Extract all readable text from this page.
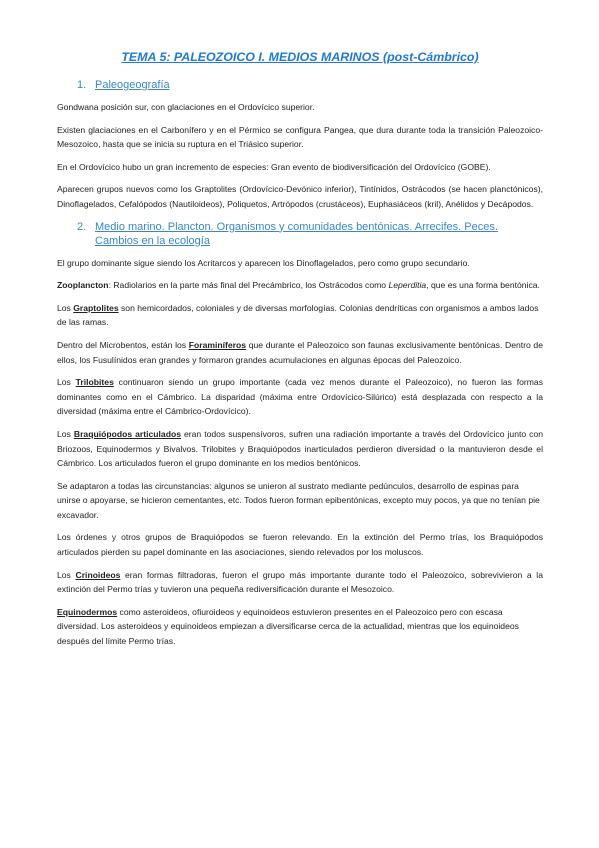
TEMA 5: PALEOZOICO I. MEDIOS MARINOS (post-Cámbrico)
1. Paleogeografía

Gondwana posición sur, con glaciaciones en el Ordovícico superior.

Existen glaciaciones en el Carbonífero y en el Pérmico se configura Pangea, que dura durante toda la transición Paleozoico-Mesozoico, hasta que se inicia su ruptura en el Triásico superior.

En el Ordovícico hubo un gran incremento de especies: Gran evento de biodiversificación del Ordovícico (GOBE).

Aparecen grupos nuevos como los Graptolites (Ordovícico-Devónico inferior), Tintínidos, Ostrácodos (se hacen planctónicos), Dinoflagelados, Cefalópodos (Nautiloideos), Poliquetos, Artrópodos (crustáceos), Euphasiáceos (kril), Anélidos y Decápodos.

2. Medio marino. Plancton. Organismos y comunidades bentónicas. Arrecifes. Peces. Cambios en la ecología

El grupo dominante sigue siendo los Acritarcos y aparecen los Dinoflagelados, pero como grupo secundario.

Zooplancton: Radiolarios en la parte más final del Precámbrico, los Ostrácodos como Leperditia, que es una forma bentónica.

Los Graptolites son hemicordados, coloniales y de diversas morfologías. Colonias dendríticas con organismos a ambos lados de las ramas.

Dentro del Microbentos, están los Foraminíferos que durante el Paleozoico son faunas exclusivamente bentónicas. Dentro de ellos, los Fusulínidos eran grandes y formaron grandes acumulaciones en algunas épocas del Paleozoico.

Los Trilobites continuaron siendo un grupo importante (cada vez menos durante el Paleozoico), no fueron las formas dominantes como en el Cámbrico. La disparidad (máxima entre Ordovícico-Silúrico) está desplazada con respecto a la diversidad (máxima entre el Cámbrico-Ordovícico).

Los Braquiópodos articulados eran todos suspensívoros, sufren una radiación importante a través del Ordovícico junto con Briozoos, Equinodermos y Bivalvos. Trilobites y Braquiópodos inarticulados perdieron diversidad o la mantuvieron desde el Cámbrico. Los articulados fueron el grupo dominante en los medios bentónicos.

Se adaptaron a todas las circunstancias: algunos se unieron al sustrato mediante pedúnculos, desarrollo de espinas para unirse o apoyarse, se hicieron cementantes, etc. Todos fueron forman epibentónicas, excepto muy pocos, ya que no tenían pie excavador.

Los órdenes y otros grupos de Braquiópodos se fueron relevando. En la extinción del Permo trías, los Braquiópodos articulados pierden su papel dominante en las asociaciones, siendo relevados por los moluscos.

Los Crinoideos eran formas filtradoras, fueron el grupo más importante durante todo el Paleozoico, sobrevivieron a la extinción del Permo trías y tuvieron una pequeña rediversificación durante el Mesozoico.

Equinodermos como asteroideos, ofiuroideos y equinoideos estuvieron presentes en el Paleozoico pero con escasa diversidad. Los asteroideos y equinoideos empiezan a diversificarse cerca de la actualidad, mientras que los equinoideos después del límite Permo trías.
